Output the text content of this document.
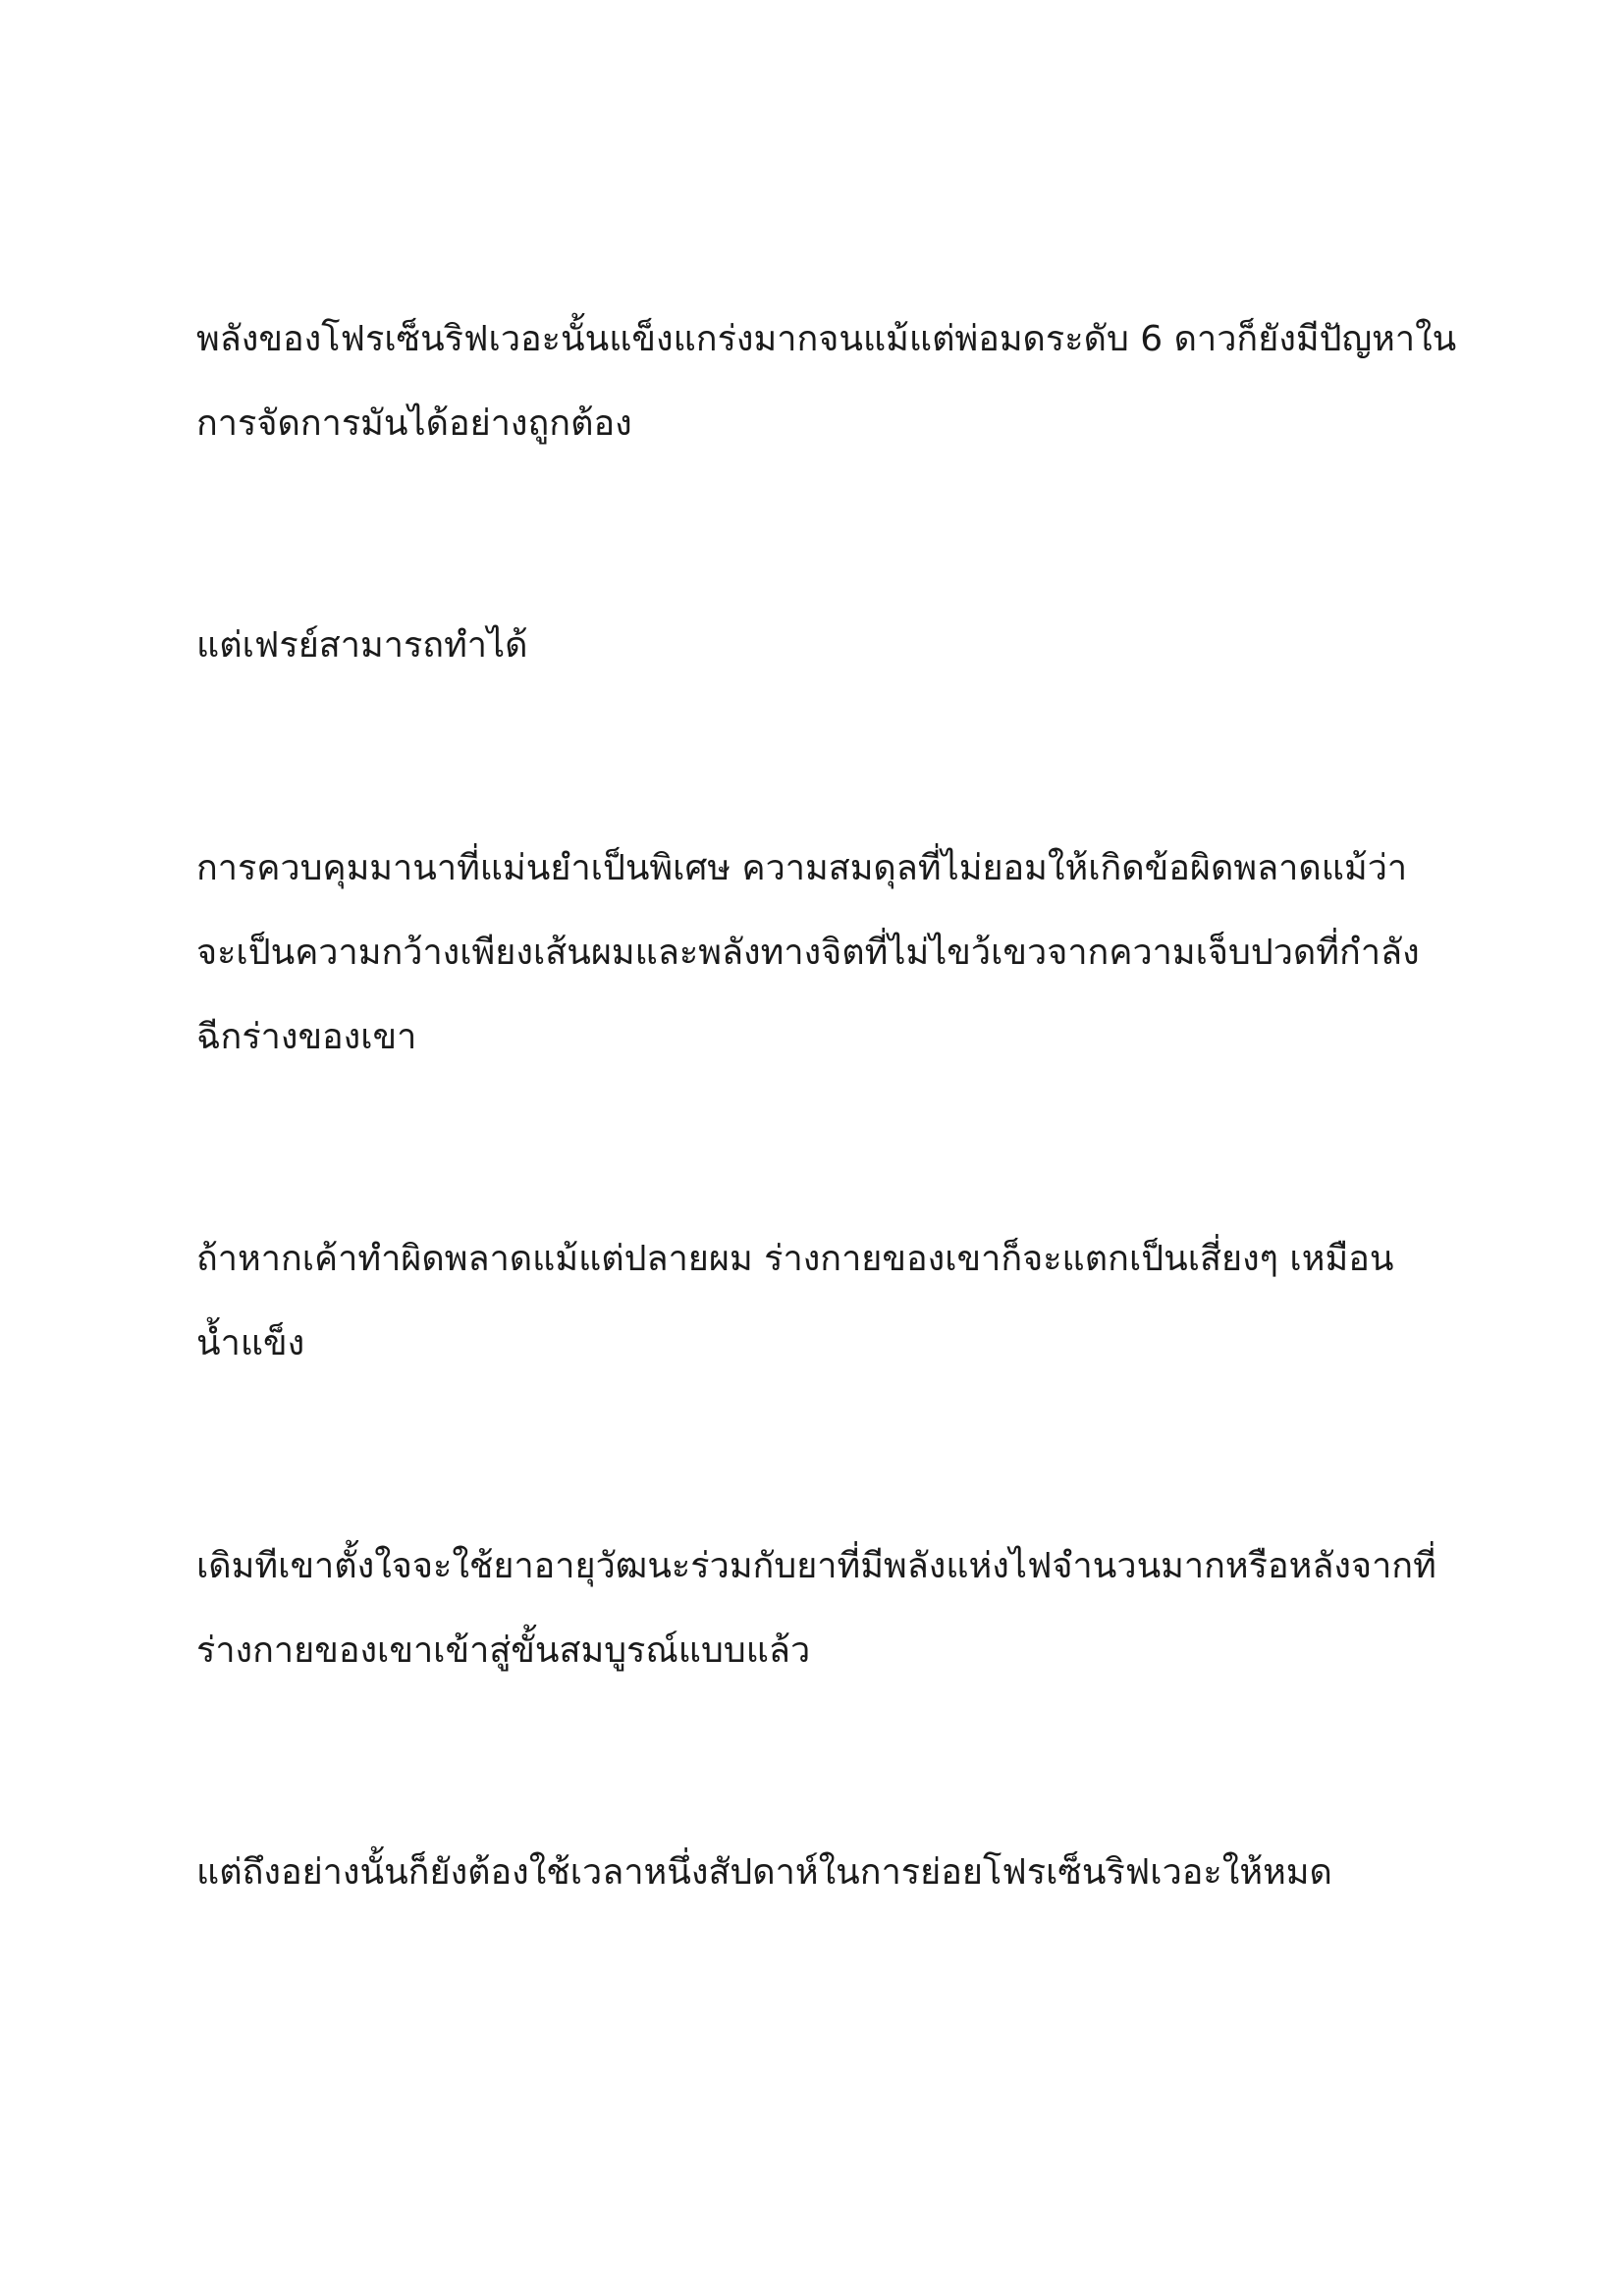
พลังของโฟรเซ็นริฟเวอะนั้นแข็งแกร่งมากจนแม้แต่พ่อมดระดับ 6 ดาวก็ยังมีปัญหาใน
การจัดการมันได้อย่างถูกต้อง

แต่เฟรย์สามารถทำได้

การควบคุมมานาที่แม่นยำเป็นพิเศษ ความสมดุลที่ไม่ยอมให้เกิดข้อผิดพลาดแม้ว่า
จะเป็นความกว้างเพียงเส้นผมและพลังทางจิตที่ไม่ไขว้เขวจากความเจ็บปวดที่กำลัง
ฉีกร่างของเขา

ถ้าหากเค้าทำผิดพลาดแม้แต่ปลายผม ร่างกายของเขาก็จะแตกเป็นเสี่ยงๆ เหมือน
น้ำแข็ง

เดิมทีเขาตั้งใจจะใช้ยาอายุวัฒนะร่วมกับยาที่มีพลังแห่งไฟจำนวนมากหรือหลังจากที่
ร่างกายของเขาเข้าสู่ขั้นสมบูรณ์แบบแล้ว

แต่ถึงอย่างนั้นก็ยังต้องใช้เวลาหนึ่งสัปดาห์ในการย่อยโฟรเซ็นริฟเวอะให้หมด
